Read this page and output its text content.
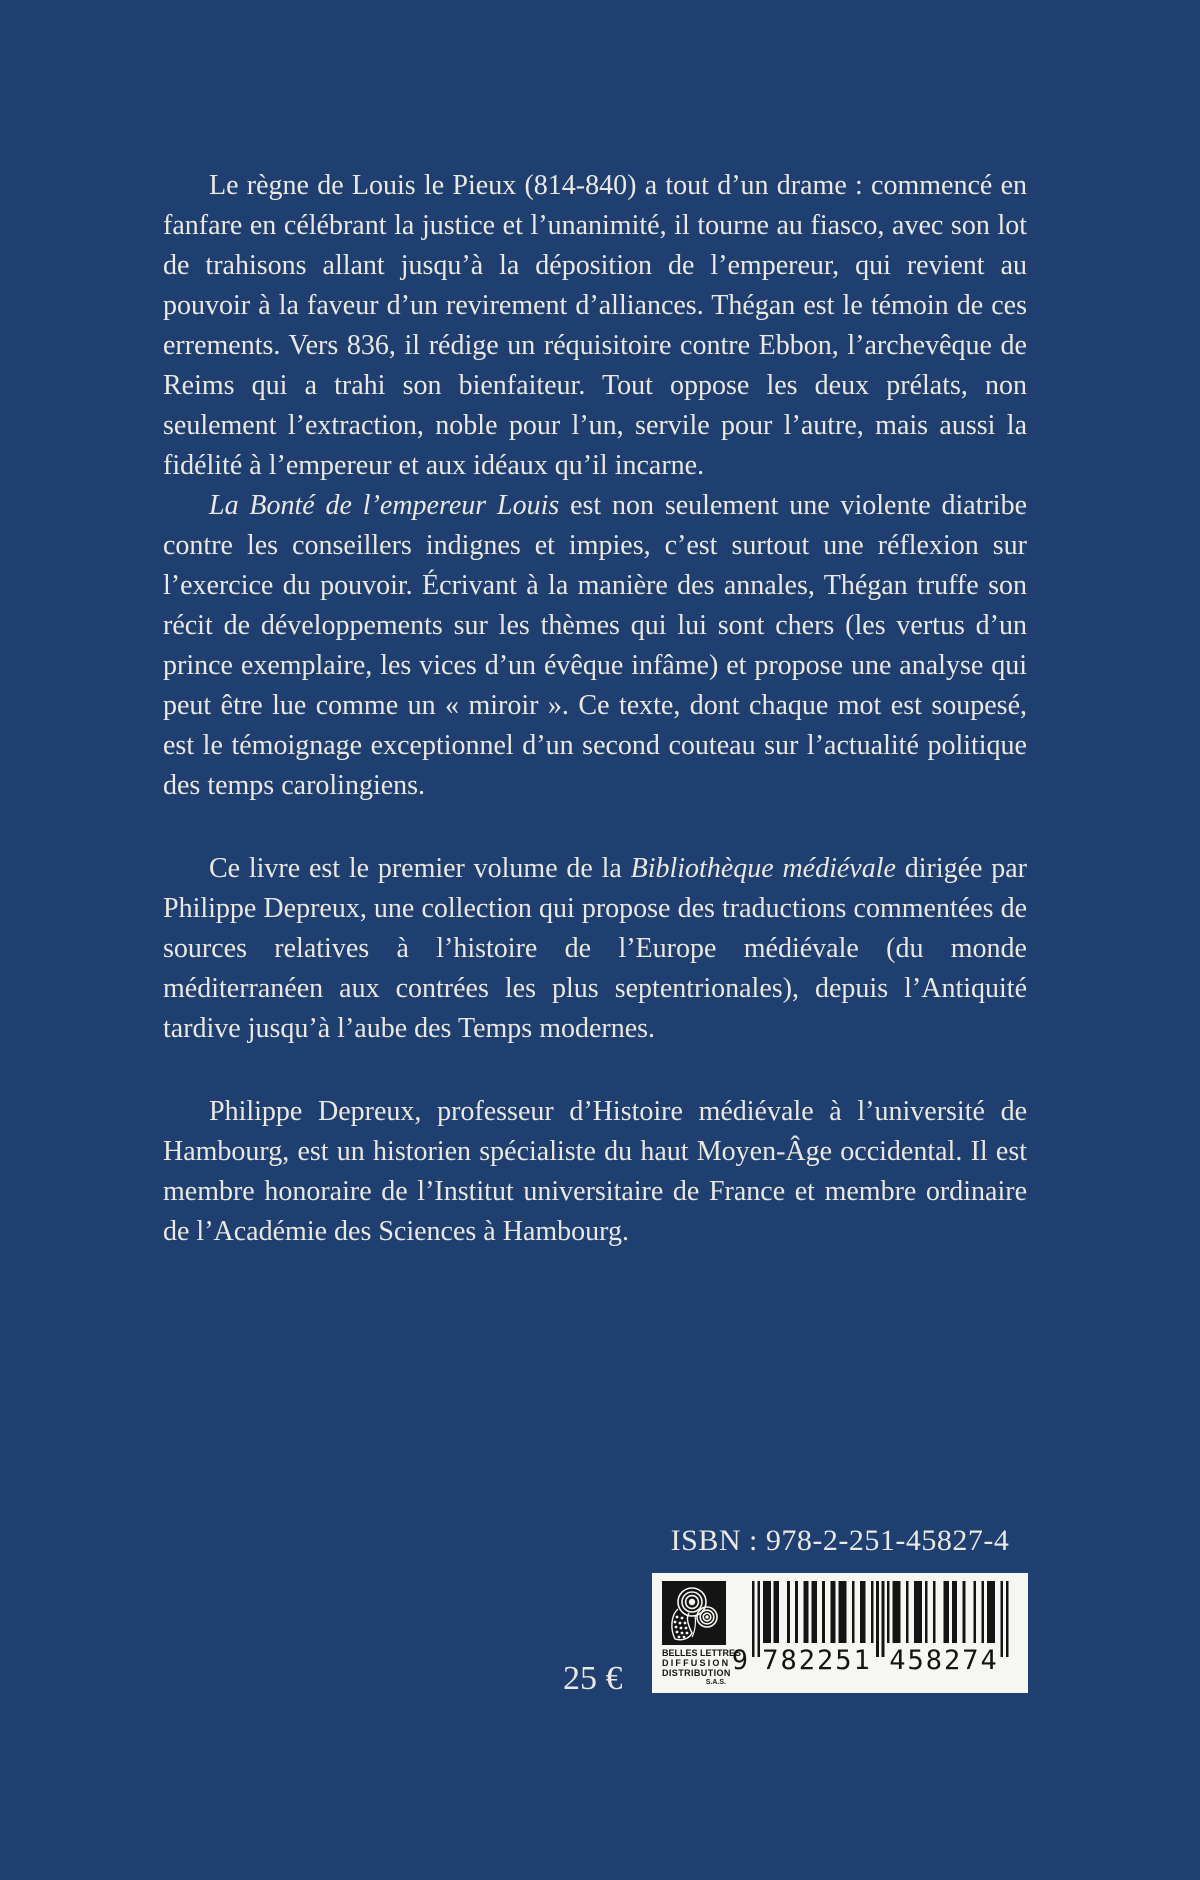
Le règne de Louis le Pieux (814-840) a tout d’un drame : commencé en fanfare en célébrant la justice et l’unanimité, il tourne au fiasco, avec son lot de trahisons allant jusqu’à la déposition de l’empereur, qui revient au pouvoir à la faveur d’un revirement d’alliances. Thégan est le témoin de ces errements. Vers 836, il rédige un réquisitoire contre Ebbon, l’archevêque de Reims qui a trahi son bienfaiteur. Tout oppose les deux prélats, non seulement l’extraction, noble pour l’un, servile pour l’autre, mais aussi la fidélité à l’empereur et aux idéaux qu’il incarne.

La Bonté de l’empereur Louis est non seulement une violente diatribe contre les conseillers indignes et impies, c’est surtout une réflexion sur l’exercice du pouvoir. Écrivant à la manière des annales, Thégan truffe son récit de développements sur les thèmes qui lui sont chers (les vertus d’un prince exemplaire, les vices d’un évêque infâme) et propose une analyse qui peut être lue comme un « miroir ». Ce texte, dont chaque mot est soupesé, est le témoignage exceptionnel d’un second couteau sur l’actualité politique des temps carolingiens.

Ce livre est le premier volume de la Bibliothèque médiévale dirigée par Philippe Depreux, une collection qui propose des traductions commentées de sources relatives à l’histoire de l’Europe médiévale (du monde méditerranéen aux contrées les plus septentrionales), depuis l’Antiquité tardive jusqu’à l’aube des Temps modernes.

Philippe Depreux, professeur d’Histoire médiévale à l’université de Hambourg, est un historien spécialiste du haut Moyen-Âge occidental. Il est membre honoraire de l’Institut universitaire de France et membre ordinaire de l’Académie des Sciences à Hambourg.

ISBN : 978-2-251-45827-4
25 €
BELLES LETTRES
DIFFUSION
DISTRIBUTION
S.A.S.
9 782251 458274
